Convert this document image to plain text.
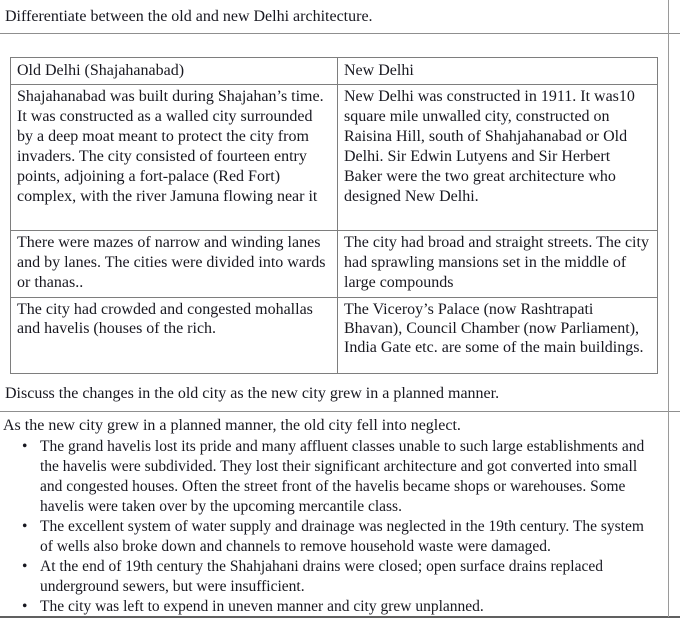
Differentiate between the old and new Delhi architecture.
Old Delhi (Shajahanabad)	New Delhi
Shajahanabad was built during Shajahan’s time. It was constructed as a walled city surrounded by a deep moat meant to protect the city from invaders. The city consisted of fourteen entry points, adjoining a fort-palace (Red Fort) complex, with the river Jamuna flowing near it	New Delhi was constructed in 1911. It was10 square mile unwalled city, constructed on Raisina Hill, south of Shahjahanabad or Old Delhi. Sir Edwin Lutyens and Sir Herbert Baker were the two great architecture who designed New Delhi.
There were mazes of narrow and winding lanes and by lanes. The cities were divided into wards or thanas..	The city had broad and straight streets. The city had sprawling mansions set in the middle of large compounds
The city had crowded and congested mohallas and havelis (houses of the rich.	The Viceroy’s Palace (now Rashtrapati Bhavan), Council Chamber (now Parliament), India Gate etc. are some of the main buildings.
Discuss the changes in the old city as the new city grew in a planned manner.
As the new city grew in a planned manner, the old city fell into neglect.
• The grand havelis lost its pride and many affluent classes unable to such large establishments and the havelis were subdivided. They lost their significant architecture and got converted into small and congested houses. Often the street front of the havelis became shops or warehouses. Some havelis were taken over by the upcoming mercantile class.
• The excellent system of water supply and drainage was neglected in the 19th century. The system of wells also broke down and channels to remove household waste were damaged.
• At the end of 19th century the Shahjahani drains were closed; open surface drains replaced underground sewers, but were insufficient.
• The city was left to expend in uneven manner and city grew unplanned.
